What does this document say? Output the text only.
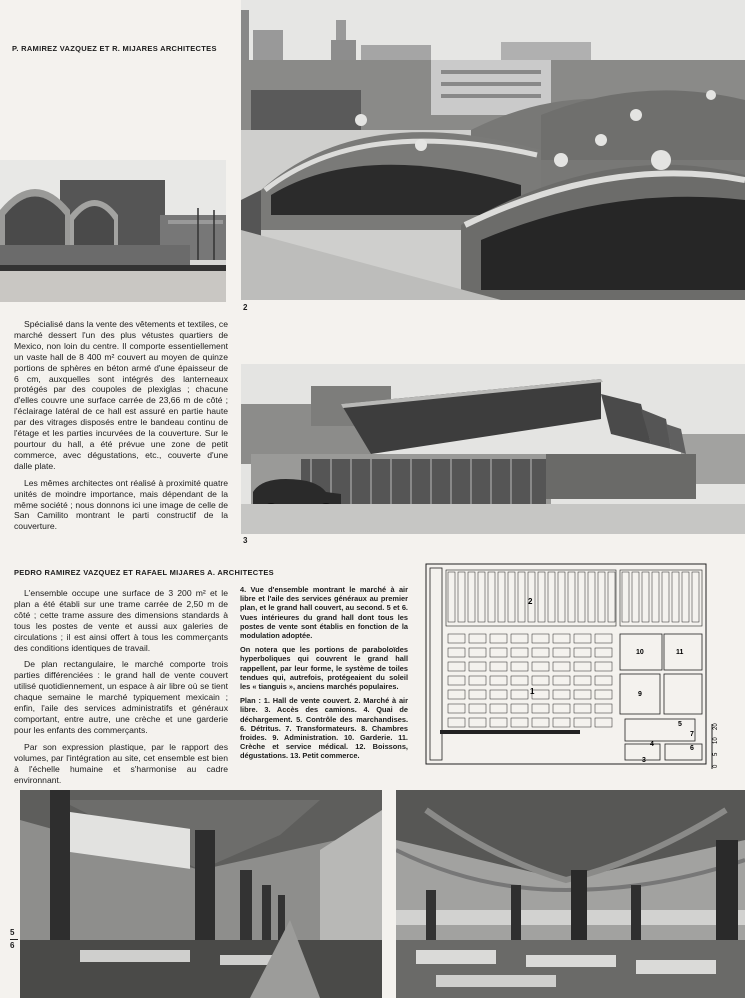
P. RAMIREZ VAZQUEZ ET R. MIJARES ARCHITECTES
2

Spécialisé dans la vente des vêtements et textiles, ce marché dessert l'un des plus vétustes quartiers de Mexico, non loin du centre. Il comporte essentiellement un vaste hall de 8 400 m² couvert au moyen de quinze portions de sphères en béton armé d'une épaisseur de 6 cm, auxquelles sont intégrés des lanterneaux protégés par des coupoles de plexiglas ; chacune d'elles couvre une surface carrée de 23,66 m de côté ; l'éclairage latéral de ce hall est assuré en partie haute par des vitrages disposés entre le bandeau continu de l'étage et les parties incurvées de la couverture. Sur le pourtour du hall, a été prévue une zone de petit commerce, avec dégustations, etc., couverte d'une dalle plate.

Les mêmes architectes ont réalisé à proximité quatre unités de moindre importance, mais dépendant de la même société ; nous donnons ici une image de celle de San Camilito montrant le parti constructif de la couverture.

3
PEDRO RAMIREZ VAZQUEZ ET RAFAEL MIJARES A. ARCHITECTES

L'ensemble occupe une surface de 3 200 m² et le plan a été établi sur une trame carrée de 2,50 m de côté ; cette trame assure des dimensions standards à tous les postes de vente et aussi aux galeries de circulations ; il est ainsi offert à tous les commerçants des conditions identiques de travail.

De plan rectangulaire, le marché comporte trois parties différenciées : le grand hall de vente couvert utilisé quotidiennement, un espace à air libre où se tient chaque semaine le marché typiquement mexicain ; enfin, l'aile des services administratifs et généraux comportant, entre autre, une crèche et une garderie pour les enfants des commerçants.

Par son expression plastique, par le rapport des volumes, par l'intégration au site, cet ensemble est bien à l'échelle humaine et s'harmonise au cadre environnant.

4. Vue d'ensemble montrant le marché à air libre et l'aile des services généraux au premier plan, et le grand hall couvert, au second. 5 et 6. Vues intérieures du grand hall dont tous les postes de vente sont établis en fonction de la modulation adoptée.

On notera que les portions de paraboloïdes hyperboliques qui couvrent le grand hall rappellent, par leur forme, le système de toiles tendues qui, autrefois, protégeaient du soleil les « tianguis », anciens marchés populaires.

Plan : 1. Hall de vente couvert. 2. Marché à air libre. 3. Accès des camions. 4. Quai de déchargement. 5. Contrôle des marchandises. 6. Détritus. 7. Transformateurs. 8. Chambres froides. 9. Administration. 10. Garderie. 11. Crèche et service médical. 12. Boissons, dégustations. 13. Petit commerce.

2
1
10	11
9
5
7
4
6
3
0
5
10
20
5
6
